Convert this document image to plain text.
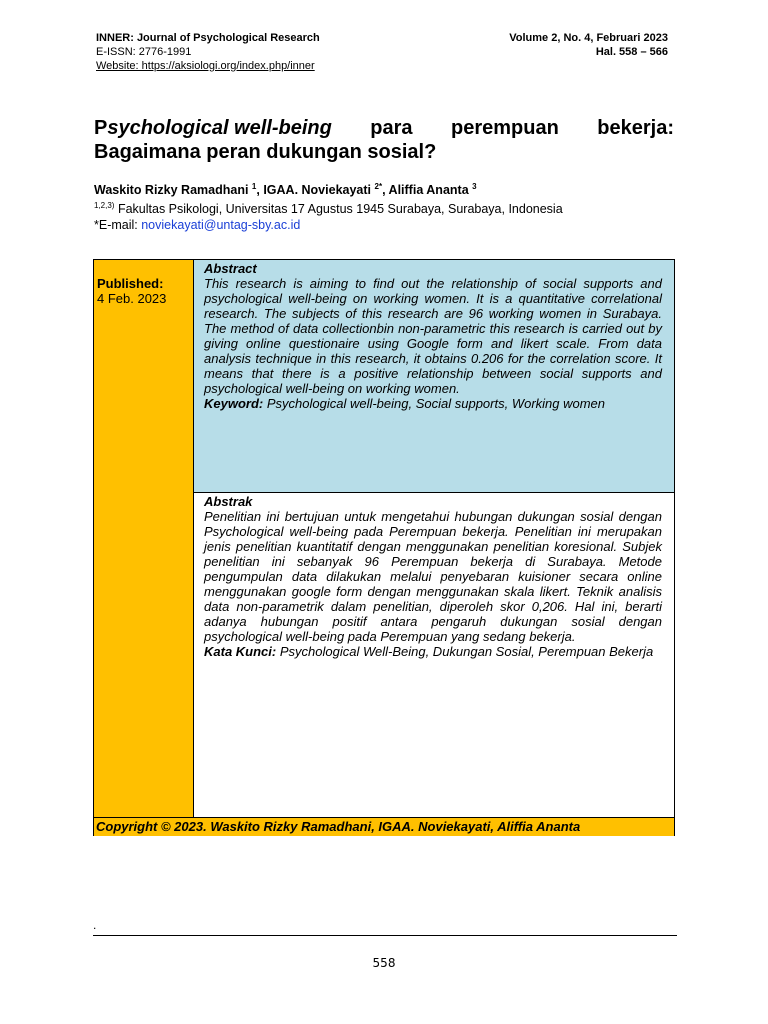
INNER: Journal of Psychological Research
E-ISSN: 2776-1991
Website: https://aksiologi.org/index.php/inner
Volume 2, No. 4, Februari 2023
Hal. 558 – 566
Psychological well-being para perempuan bekerja:
Bagaimana peran dukungan sosial?
Waskito Rizky Ramadhani $^1$, IGAA. Noviekayati $^{2*}$, Aliffia Ananta $^3$
$^{1,2,3)}$ Fakultas Psikologi, Universitas 17 Agustus 1945 Surabaya, Surabaya, Indonesia
*E-mail: noviekayati@untag-sby.ac.id
Published:
4 Feb. 2023
Abstract
This research is aiming to find out the relationship of social supports and psychological well-being on working women. It is a quantitative correlational research. The subjects of this research are 96 working women in Surabaya. The method of data collectionbin non-parametric this research is carried out by giving online questionaire using Google form and likert scale. From data analysis technique in this research, it obtains 0.206 for the correlation score. It means that there is a positive relationship between social supports and psychological well-being on working women.
Keyword: Psychological well-being, Social supports, Working women
Abstrak
Penelitian ini bertujuan untuk mengetahui hubungan dukungan sosial dengan Psychological well-being pada Perempuan bekerja. Penelitian ini merupakan jenis penelitian kuantitatif dengan menggunakan penelitian koresional. Subjek penelitian ini sebanyak 96 Perempuan bekerja di Surabaya. Metode pengumpulan data dilakukan melalui penyebaran kuisioner secara online menggunakan google form dengan menggunakan skala likert. Teknik analisis data non-parametrik dalam penelitian, diperoleh skor 0,206. Hal ini, berarti adanya hubungan positif antara pengaruh dukungan sosial dengan psychological well-being pada Perempuan yang sedang bekerja.
Kata Kunci: Psychological Well-Being, Dukungan Sosial, Perempuan Bekerja
Copyright © 2023. Waskito Rizky Ramadhani, IGAA. Noviekayati, Aliffia Ananta
.
558
